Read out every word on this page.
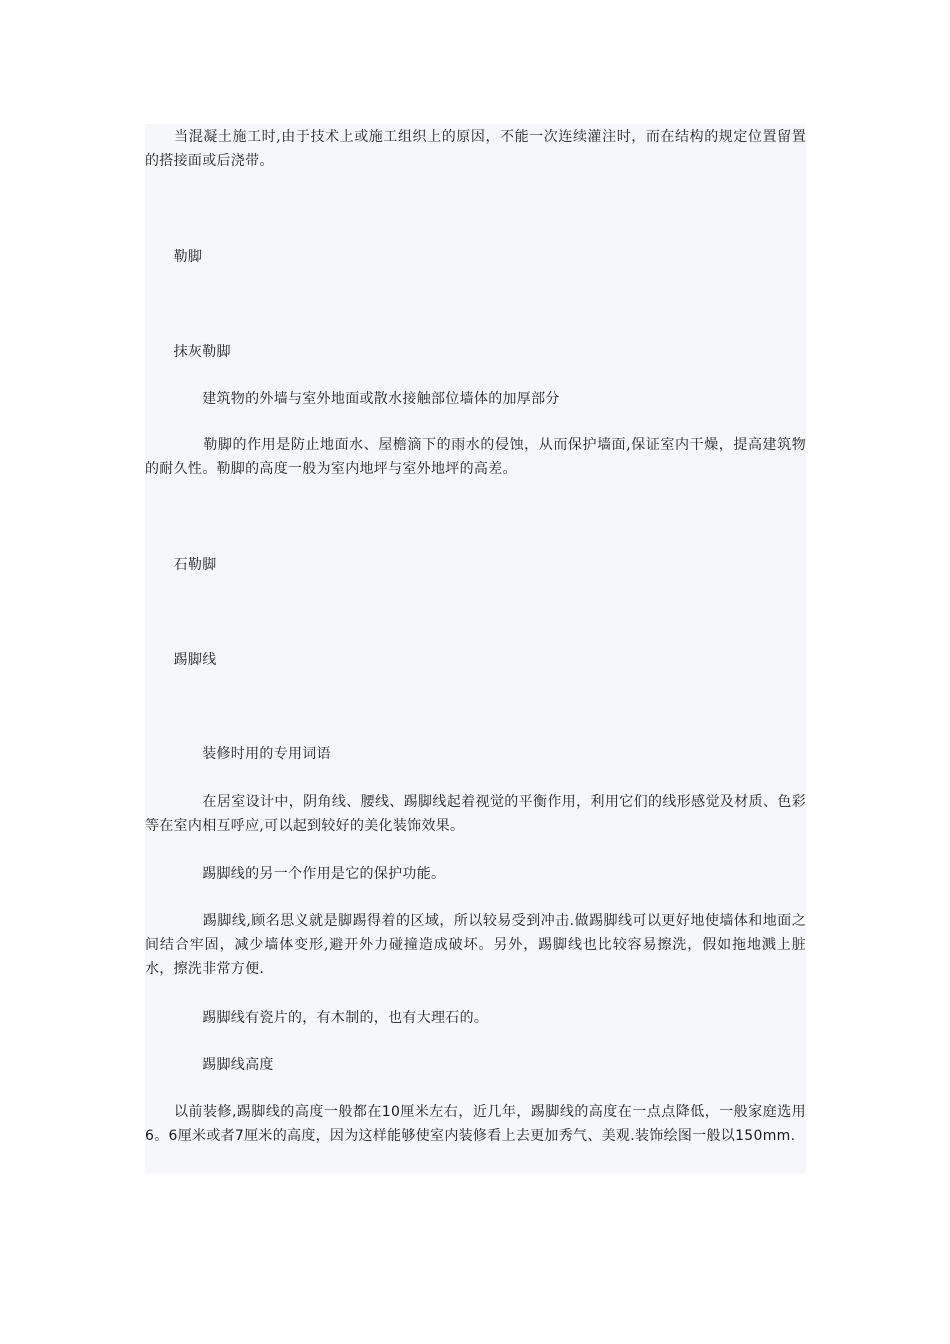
　　当混凝土施工时,由于技术上或施工组织上的原因，不能一次连续灌注时，而在结构的规定位置留置的搭接面或后浇带。

　　勒脚

　　抹灰勒脚

　　　　建筑物的外墙与室外地面或散水接触部位墙体的加厚部分

　　　　勒脚的作用是防止地面水、屋檐滴下的雨水的侵蚀，从而保护墙面,保证室内干燥，提高建筑物的耐久性。勒脚的高度一般为室内地坪与室外地坪的高差。

　　石勒脚

　　踢脚线

　　　　装修时用的专用词语

　　　　在居室设计中，阴角线、腰线、踢脚线起着视觉的平衡作用，利用它们的线形感觉及材质、色彩等在室内相互呼应,可以起到较好的美化装饰效果。

　　　　踢脚线的另一个作用是它的保护功能。

　　　　踢脚线,顾名思义就是脚踢得着的区域，所以较易受到冲击.做踢脚线可以更好地使墙体和地面之间结合牢固，减少墙体变形,避开外力碰撞造成破坏。另外，踢脚线也比较容易擦洗，假如拖地溅上脏水，擦洗非常方便.

　　　　踢脚线有瓷片的，有木制的，也有大理石的。

　　　　踢脚线高度

　　以前装修,踢脚线的高度一般都在10厘米左右，近几年，踢脚线的高度在一点点降低，一般家庭选用6。6厘米或者7厘米的高度，因为这样能够使室内装修看上去更加秀气、美观.装饰绘图一般以150mm.
